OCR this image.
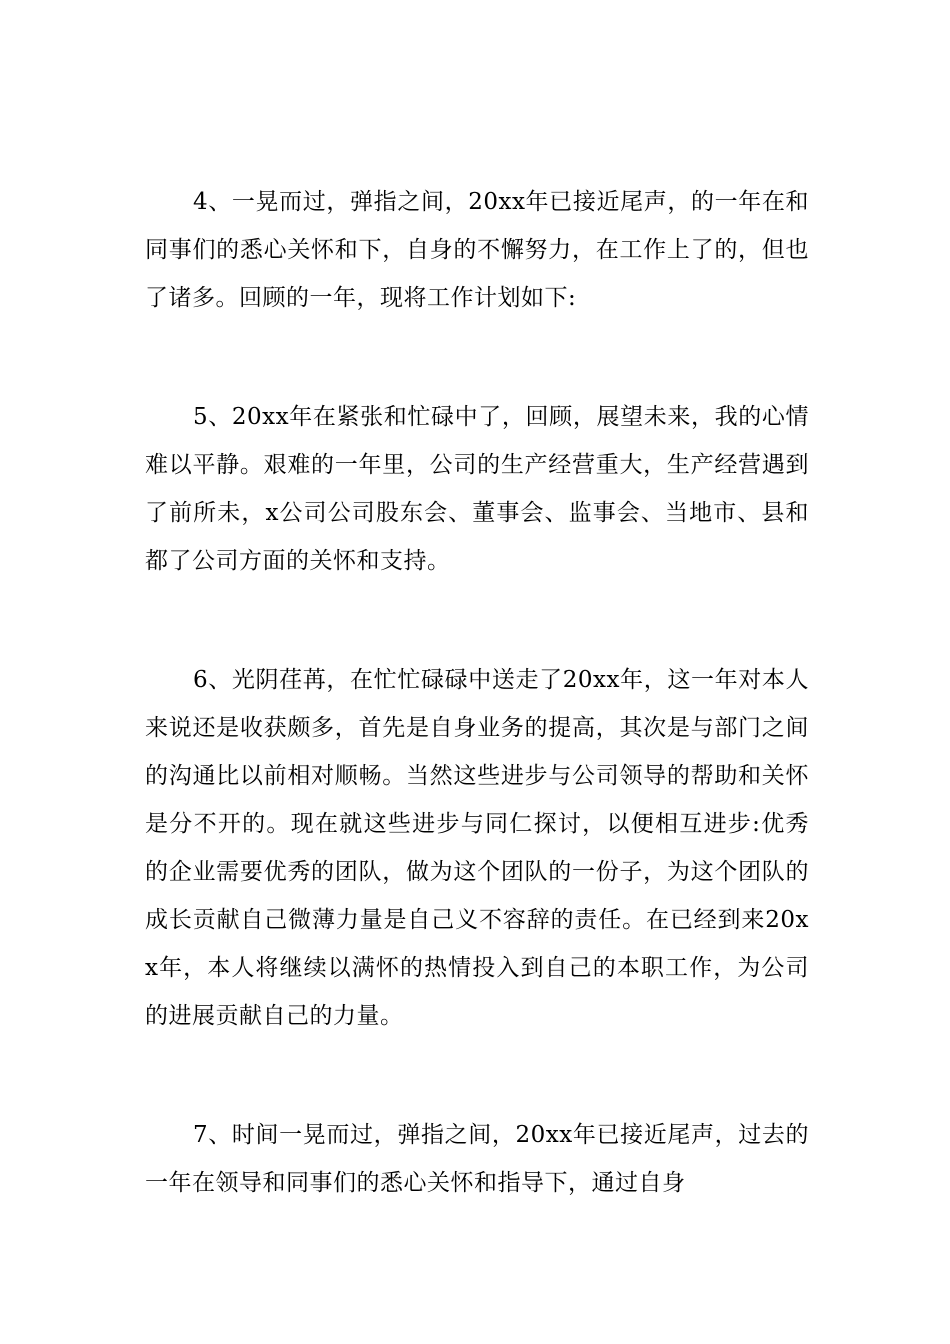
4、一晃而过，弹指之间，20xx年已接近尾声，的一年在和同事们的悉心关怀和下，自身的不懈努力，在工作上了的，但也了诸多。回顾的一年，现将工作计划如下:

5、20xx年在紧张和忙碌中了，回顾，展望未来，我的心情难以平静。艰难的一年里，公司的生产经营重大，生产经营遇到了前所未，x公司公司股东会、董事会、监事会、当地市、县和都了公司方面的关怀和支持。

6、光阴荏苒，在忙忙碌碌中送走了20xx年，这一年对本人来说还是收获颇多，首先是自身业务的提高，其次是与部门之间的沟通比以前相对顺畅。当然这些进步与公司领导的帮助和关怀是分不开的。现在就这些进步与同仁探讨，以便相互进步:优秀的企业需要优秀的团队，做为这个团队的一份子，为这个团队的成长贡献自己微薄力量是自己义不容辞的责任。在已经到来20xx年，本人将继续以满怀的热情投入到自己的本职工作，为公司的进展贡献自己的力量。

7、时间一晃而过，弹指之间，20xx年已接近尾声，过去的一年在领导和同事们的悉心关怀和指导下，通过自身
